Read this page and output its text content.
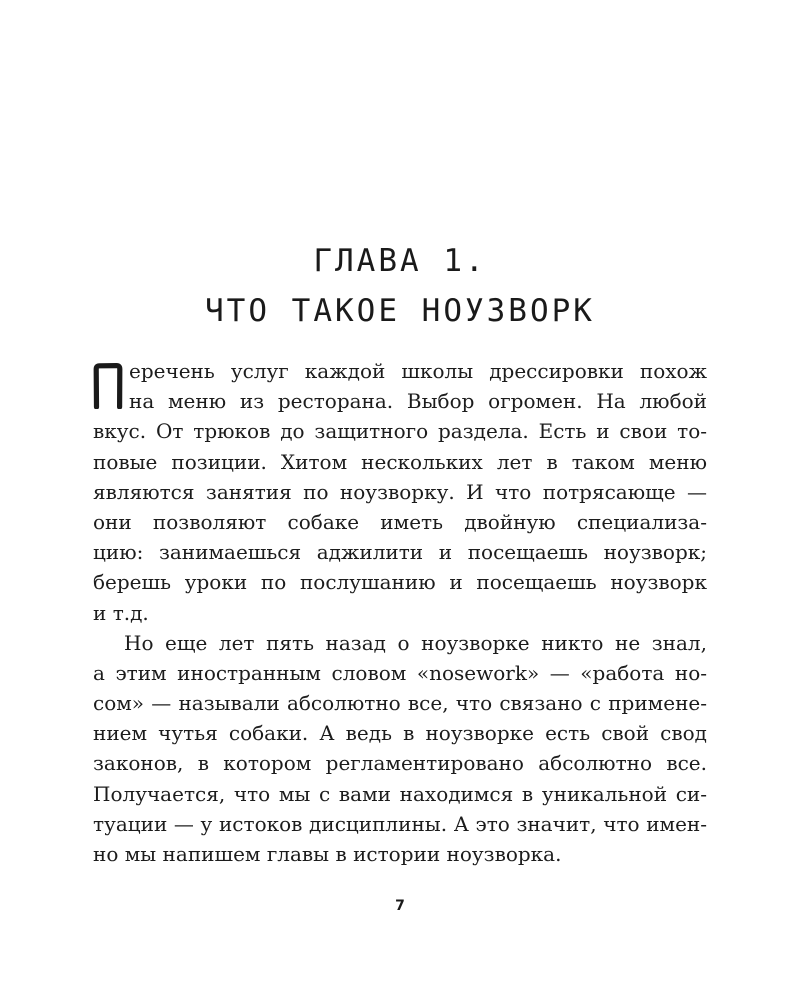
ГЛАВА 1.
ЧТО ТАКОЕ НОУЗВОРК
еречень услуг каждой школы дрессировки похож
на меню из ресторана. Выбор огромен. На любой
вкус. От трюков до защитного раздела. Есть и свои то-
повые позиции. Хитом нескольких лет в таком меню
являются занятия по ноузворку. И что потрясающе —
они позволяют собаке иметь двойную специализа-
цию: занимаешься аджилити и посещаешь ноузворк;
берешь уроки по послушанию и посещаешь ноузворк
и т.д.
Но еще лет пять назад о ноузворке никто не знал,
а этим иностранным словом «nosework» — «работа но-
сом» — называли абсолютно все, что связано с примене-
нием чутья собаки. А ведь в ноузворке есть свой свод
законов, в котором регламентировано абсолютно все.
Получается, что мы с вами находимся в уникальной си-
туации — у истоков дисциплины. А это значит, что имен-
но мы напишем главы в истории ноузворка.
7
